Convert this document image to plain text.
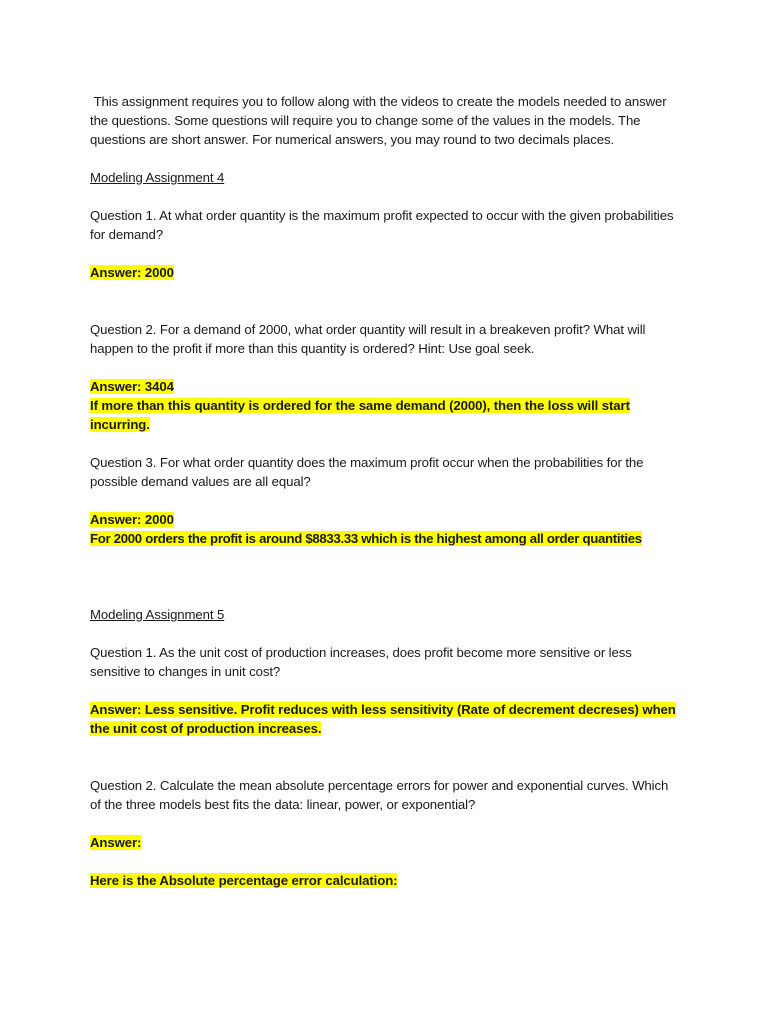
This assignment requires you to follow along with the videos to create the models needed to answer the questions. Some questions will require you to change some of the values in the models. The questions are short answer. For numerical answers, you may round to two decimals places.

Modeling Assignment 4

Question 1. At what order quantity is the maximum profit expected to occur with the given probabilities for demand?

Answer: 2000

Question 2. For a demand of 2000, what order quantity will result in a breakeven profit? What will happen to the profit if more than this quantity is ordered? Hint: Use goal seek.

Answer: 3404

If more than this quantity is ordered for the same demand (2000), then the loss will start incurring.

Question 3. For what order quantity does the maximum profit occur when the probabilities for the possible demand values are all equal?

Answer: 2000

For 2000 orders the profit is around $8833.33 which is the highest among all order quantities

Modeling Assignment 5

Question 1. As the unit cost of production increases, does profit become more sensitive or less sensitive to changes in unit cost?

Answer: Less sensitive. Profit reduces with less sensitivity (Rate of decrement decreses) when the unit cost of production increases.

Question 2. Calculate the mean absolute percentage errors for power and exponential curves. Which of the three models best fits the data: linear, power, or exponential?

Answer:

Here is the Absolute percentage error calculation:
